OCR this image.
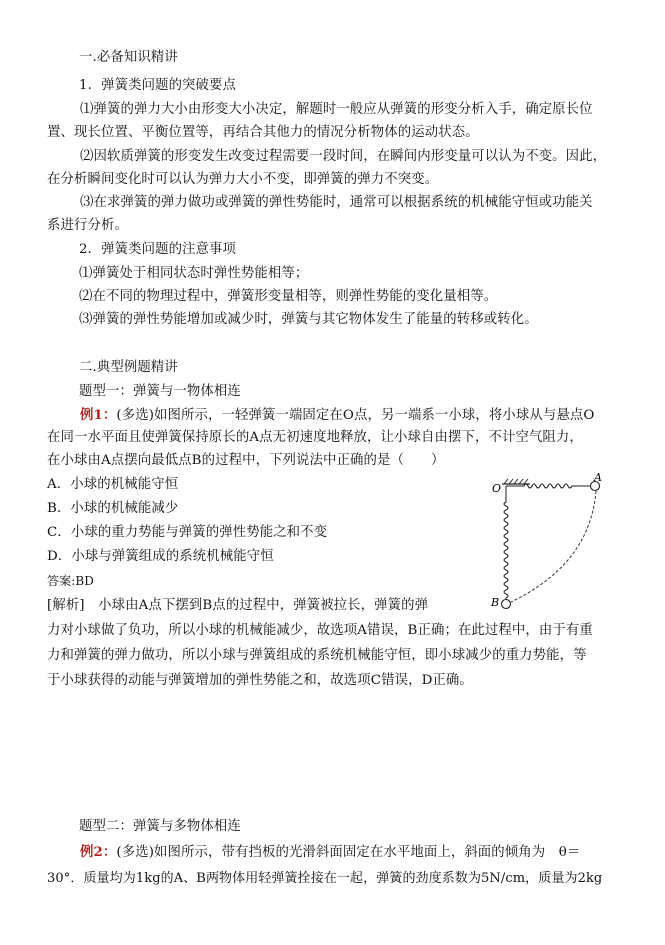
一.必备知识精讲
1．弹簧类问题的突破要点
⑴弹簧的弹力大小由形变大小决定，解题时一般应从弹簧的形变分析入手，确定原长位
置、现长位置、平衡位置等，再结合其他力的情况分析物体的运动状态。
⑵因软质弹簧的形变发生改变过程需要一段时间，在瞬间内形变量可以认为不变。因此，
在分析瞬间变化时可以认为弹力大小不变，即弹簧的弹力不突变。
⑶在求弹簧的弹力做功或弹簧的弹性势能时，通常可以根据系统的机械能守恒或功能关
系进行分析。
2．弹簧类问题的注意事项
⑴弹簧处于相同状态时弹性势能相等；
⑵在不同的物理过程中，弹簧形变量相等，则弹性势能的变化量相等。
⑶弹簧的弹性势能增加或减少时，弹簧与其它物体发生了能量的转移或转化。
二.典型例题精讲
题型一：弹簧与一物体相连
例1：(多选)如图所示，一轻弹簧一端固定在O点，另一端系一小球，将小球从与悬点O
在同一水平面且使弹簧保持原长的A点无初速度地释放，让小球自由摆下，不计空气阻力，
在小球由A点摆向最低点B的过程中，下列说法中正确的是（　　）
A．小球的机械能守恒
B．小球的机械能减少
C．小球的重力势能与弹簧的弹性势能之和不变
D．小球与弹簧组成的系统机械能守恒
答案:BD
[解析]　小球由A点下摆到B点的过程中，弹簧被拉长，弹簧的弹
力对小球做了负功，所以小球的机械能减少，故选项A错误，B正确；在此过程中，由于有重
力和弹簧的弹力做功，所以小球与弹簧组成的系统机械能守恒，即小球减少的重力势能，等
于小球获得的动能与弹簧增加的弹性势能之和，故选项C错误，D正确。
O
A
B
题型二：弹簧与多物体相连
例2：(多选)如图所示，带有挡板的光滑斜面固定在水平地面上，斜面的倾角为　θ＝
30°．质量均为1kg的A、B两物体用轻弹簧拴接在一起，弹簧的劲度系数为5N/cm，质量为2kg
